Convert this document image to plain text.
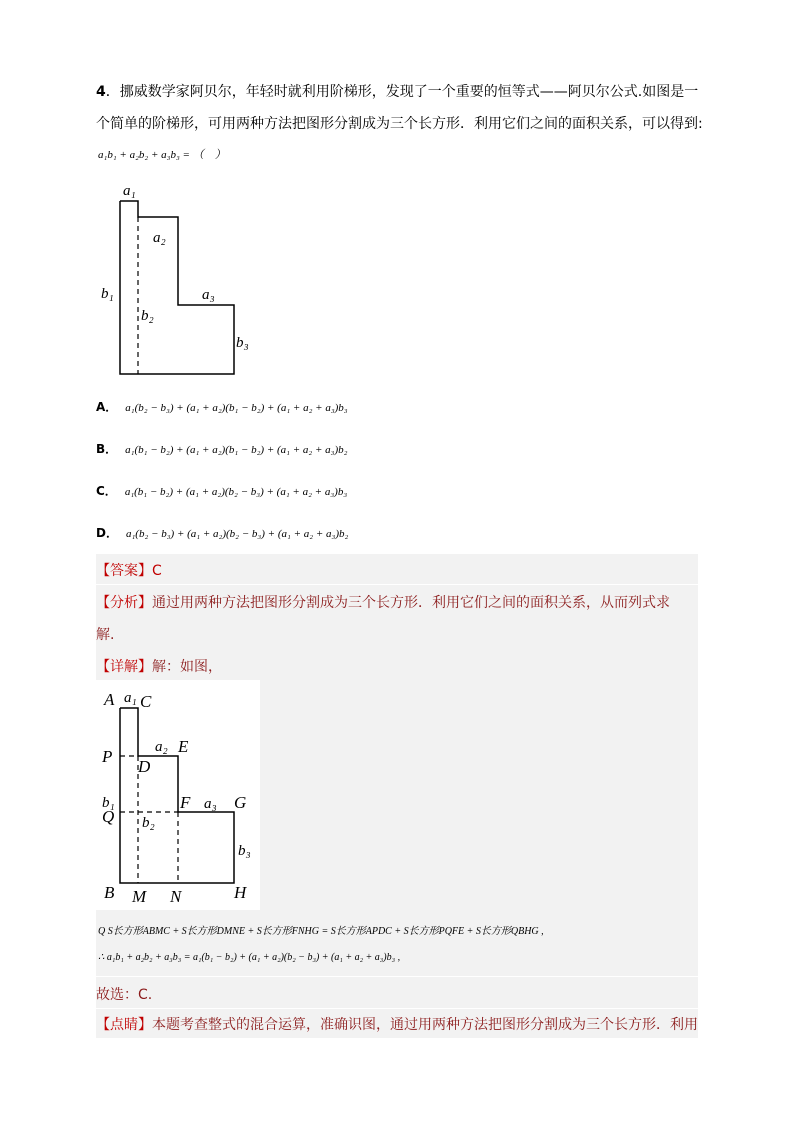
4．挪威数学家阿贝尔，年轻时就利用阶梯形，发现了一个重要的恒等式——阿贝尔公式.如图是一
个简单的阶梯形，可用两种方法把图形分割成为三个长方形．利用它们之间的面积关系，可以得到:
a₁b₁ + a₂b₂ + a₃b₃ = （　）
a₁
a₂
a₃
b₁
b₂
b₃
A． a₁(b₂ − b₃) + (a₁ + a₂)(b₁ − b₂) + (a₁ + a₂ + a₃)b₃
B． a₁(b₁ − b₂) + (a₁ + a₂)(b₁ − b₂) + (a₁ + a₂ + a₃)b₂
C． a₁(b₁ − b₂) + (a₁ + a₂)(b₂ − b₃) + (a₁ + a₂ + a₃)b₃
D． a₁(b₂ − b₃) + (a₁ + a₂)(b₂ − b₃) + (a₁ + a₂ + a₃)b₂
【答案】C
【分析】通过用两种方法把图形分割成为三个长方形．利用它们之间的面积关系，从而列式求
解.
【详解】解：如图，
A a₁ C
a₂ E
P
D
b₁
Q
F a₃ G
b₂
b₃
B M N	H
Q S长方形ABMC + S长方形DMNE + S长方形FNHG = S长方形APDC + S长方形PQFE + S长方形QBHG ,
∴ a₁b₁ + a₂b₂ + a₃b₃ = a₁(b₁ − b₂) + (a₁ + a₂)(b₂ − b₃) + (a₁ + a₂ + a₃)b₃ ,
故选：C.
【点睛】本题考查整式的混合运算，准确识图，通过用两种方法把图形分割成为三个长方形．利用
